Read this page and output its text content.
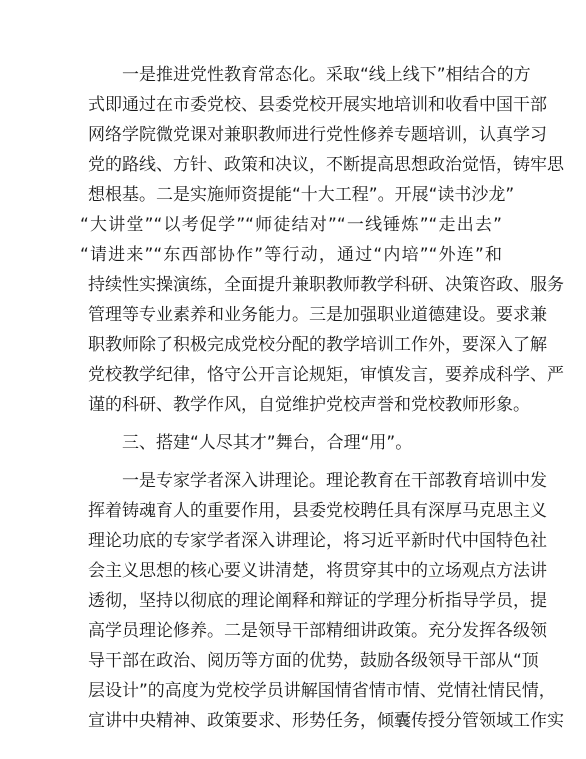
一是推进党性教育常态化。采取“线上线下”相结合的方
式即通过在市委党校、县委党校开展实地培训和收看中国干部
网络学院微党课对兼职教师进行党性修养专题培训，认真学习
党的路线、方针、政策和决议，不断提高思想政治觉悟，铸牢思
想根基。二是实施师资提能“十大工程”。开展“读书沙龙”
“大讲堂”“以考促学”“师徒结对”“一线锤炼”“走出去”
“请进来”“东西部协作”等行动，通过“内培”“外连”和
持续性实操演练，全面提升兼职教师教学科研、决策咨政、服务
管理等专业素养和业务能力。三是加强职业道德建设。要求兼
职教师除了积极完成党校分配的教学培训工作外，要深入了解
党校教学纪律，恪守公开言论规矩，审慎发言，要养成科学、严
谨的科研、教学作风，自觉维护党校声誉和党校教师形象。
三、搭建“人尽其才”舞台，合理“用”。
一是专家学者深入讲理论。理论教育在干部教育培训中发
挥着铸魂育人的重要作用，县委党校聘任具有深厚马克思主义
理论功底的专家学者深入讲理论，将习近平新时代中国特色社
会主义思想的核心要义讲清楚，将贯穿其中的立场观点方法讲
透彻，坚持以彻底的理论阐释和辩证的学理分析指导学员，提
高学员理论修养。二是领导干部精细讲政策。充分发挥各级领
导干部在政治、阅历等方面的优势，鼓励各级领导干部从“顶
层设计”的高度为党校学员讲解国情省情市情、党情社情民情，
宣讲中央精神、政策要求、形势任务，倾囊传授分管领域工作实
